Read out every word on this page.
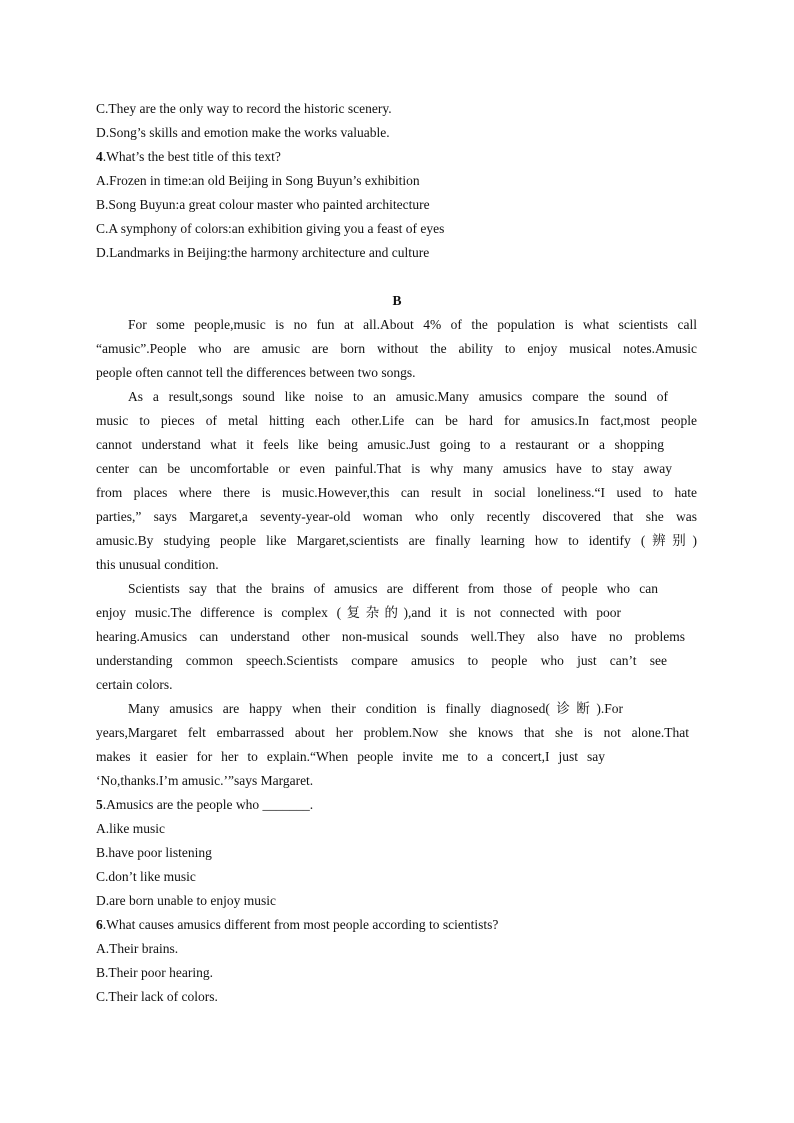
C.They are the only way to record the historic scenery.
D.Song’s skills and emotion make the works valuable.
4.What’s the best title of this text?
A.Frozen in time:an old Beijing in Song Buyun’s exhibition
B.Song Buyun:a great colour master who painted architecture
C.A symphony of colors:an exhibition giving you a feast of eyes
D.Landmarks in Beijing:the harmony architecture and culture
B
For some people,music is no fun at all.About 4% of the population is what scientists call
“amusic”.People who are amusic are born without the ability to enjoy musical notes.Amusic
people often cannot tell the differences between two songs.
As a result,songs sound like noise to an amusic.Many amusics compare the sound of
music to pieces of metal hitting each other.Life can be hard for amusics.In fact,most people
cannot understand what it feels like being amusic.Just going to a restaurant or a shopping
center can be uncomfortable or even painful.That is why many amusics have to stay away
from places where there is music.However,this can result in social loneliness.“I used to hate
parties,” says Margaret,a seventy-year-old woman who only recently discovered that she was
amusic.By studying people like Margaret,scientists are finally learning how to identify (辨别)
this unusual condition.
Scientists say that the brains of amusics are different from those of people who can
enjoy music.The difference is complex (复杂的),and it is not connected with poor
hearing.Amusics can understand other non-musical sounds well.They also have no problems
understanding common speech.Scientists compare amusics to people who just can’t see
certain colors.
Many amusics are happy when their condition is finally diagnosed(诊断).For
years,Margaret felt embarrassed about her problem.Now she knows that she is not alone.That
makes it easier for her to explain.“When people invite me to a concert,I just say
‘No,thanks.I’m amusic.’”says Margaret.
5.Amusics are the people who _______.
A.like music
B.have poor listening
C.don’t like music
D.are born unable to enjoy music
6.What causes amusics different from most people according to scientists?
A.Their brains.
B.Their poor hearing.
C.Their lack of colors.
